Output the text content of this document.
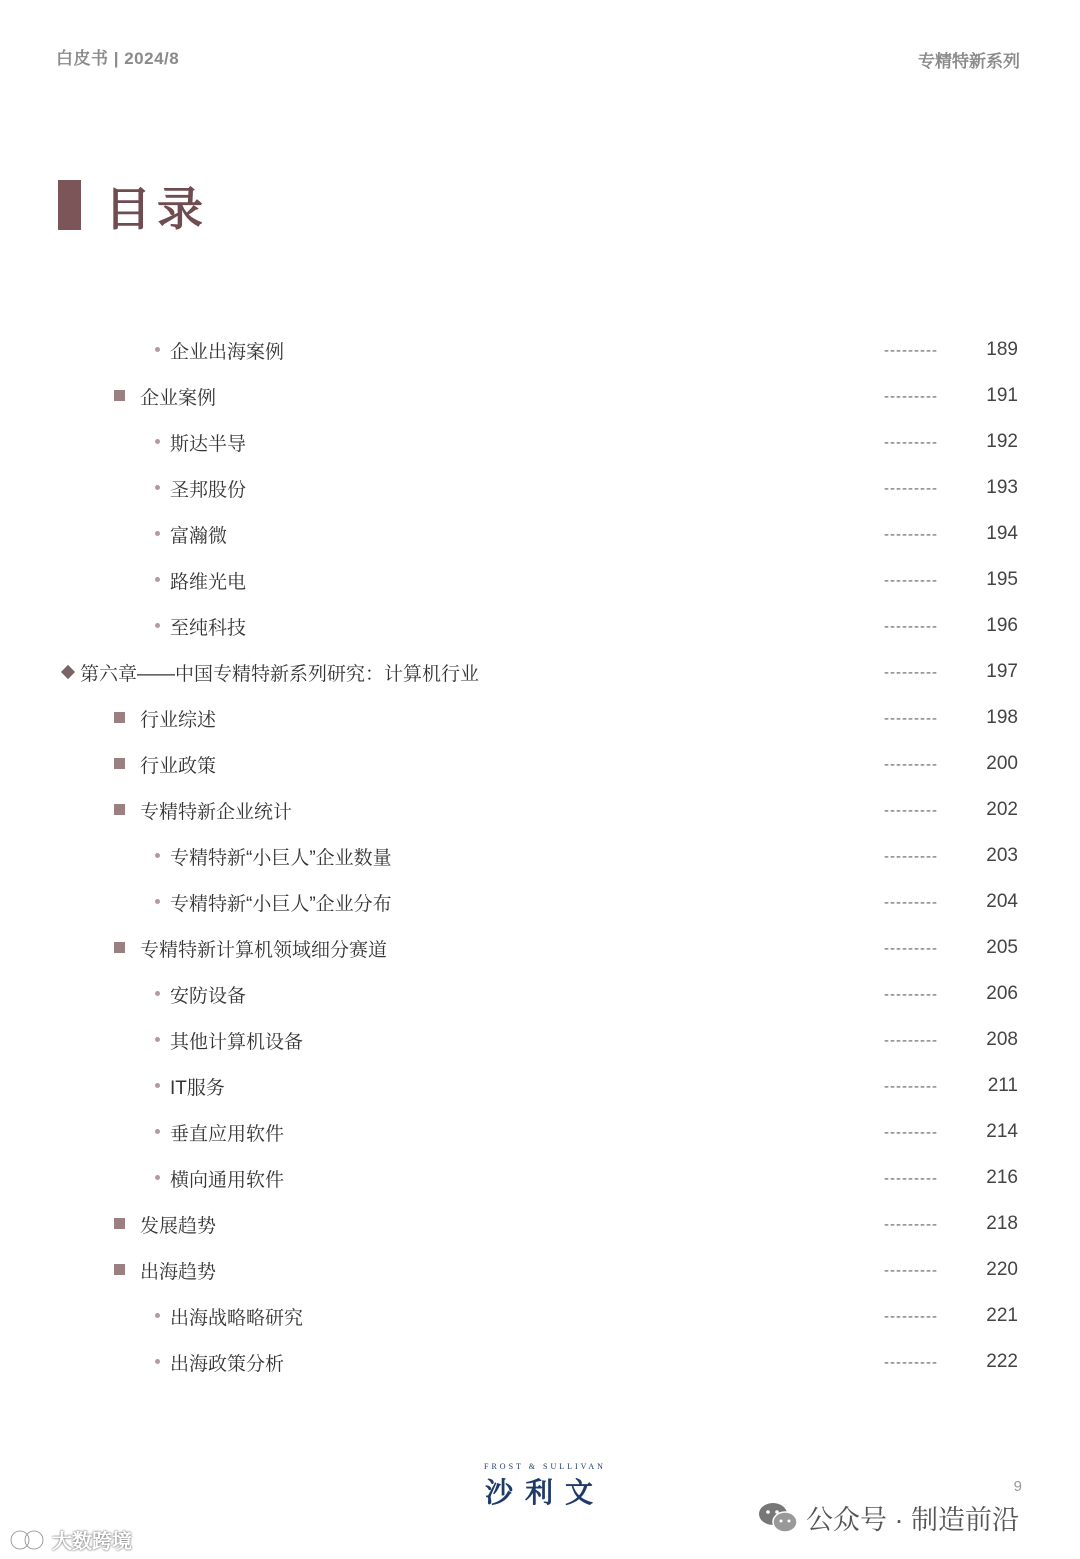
白皮书 | 2024/8	专精特新系列
目录
企业出海案例	---------	189
企业案例	---------	191
斯达半导	---------	192
圣邦股份	---------	193
富瀚微	---------	194
路维光电	---------	195
至纯科技	---------	196
第六章——中国专精特新系列研究：计算机行业	---------	197
行业综述	---------	198
行业政策	---------	200
专精特新企业统计	---------	202
专精特新“小巨人”企业数量	---------	203
专精特新“小巨人”企业分布	---------	204
专精特新计算机领域细分赛道	---------	205
安防设备	---------	206
其他计算机设备	---------	208
IT服务	---------	211
垂直应用软件	---------	214
横向通用软件	---------	216
发展趋势	---------	218
出海趋势	---------	220
出海战略略研究	---------	221
出海政策分析	---------	222
FROST & SULLIVAN
沙利文	9
公众号 · 制造前沿
大数跨境
